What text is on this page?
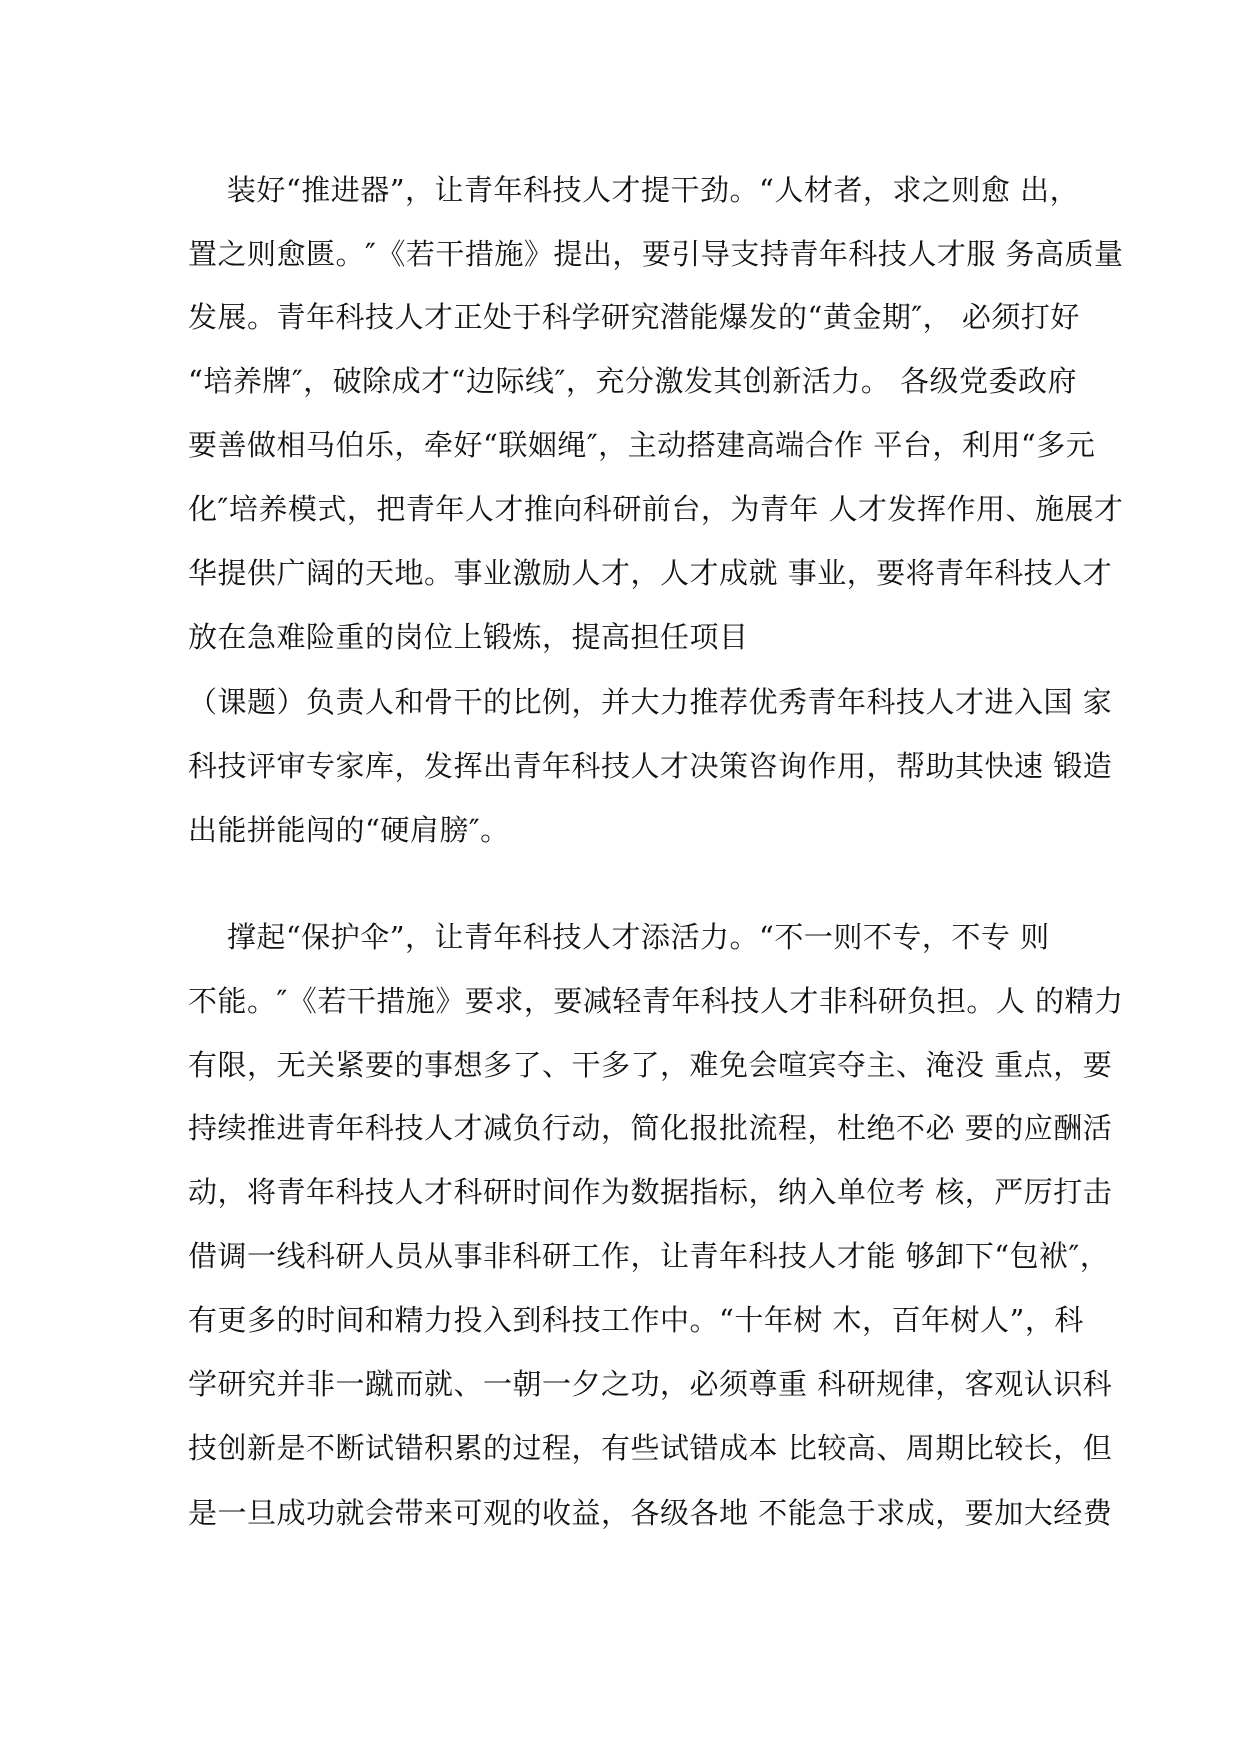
装好“推进器”，让青年科技人才提干劲。“人材者，求之则愈 出，
置之则愈匮。″《若干措施》提出，要引导支持青年科技人才服 务高质量
发展。青年科技人才正处于科学研究潜能爆发的“黄金期″， 必须打好
“培养牌″，破除成才“边际线″，充分激发其创新活力。 各级党委政府
要善做相马伯乐，牵好“联姻绳″，主动搭建高端合作 平台，利用“多元
化″培养模式，把青年人才推向科研前台，为青年 人才发挥作用、施展才
华提供广阔的天地。事业激励人才，人才成就 事业，要将青年科技人才
放在急难险重的岗位上锻炼，提高担任项目
（课题）负责人和骨干的比例，并大力推荐优秀青年科技人才进入国 家
科技评审专家库，发挥出青年科技人才决策咨询作用，帮助其快速 锻造
出能拼能闯的“硬肩膀″。
撑起“保护伞”，让青年科技人才添活力。“不一则不专，不专 则
不能。″《若干措施》要求，要减轻青年科技人才非科研负担。人 的精力
有限，无关紧要的事想多了、干多了，难免会喧宾夺主、淹没 重点，要
持续推进青年科技人才减负行动，简化报批流程，杜绝不必 要的应酬活
动，将青年科技人才科研时间作为数据指标，纳入单位考 核，严厉打击
借调一线科研人员从事非科研工作，让青年科技人才能 够卸下“包袱″，
有更多的时间和精力投入到科技工作中。“十年树 木，百年树人”，科
学研究并非一蹴而就、一朝一夕之功，必须尊重 科研规律，客观认识科
技创新是不断试错积累的过程，有些试错成本 比较高、周期比较长，但
是一旦成功就会带来可观的收益，各级各地 不能急于求成，要加大经费
